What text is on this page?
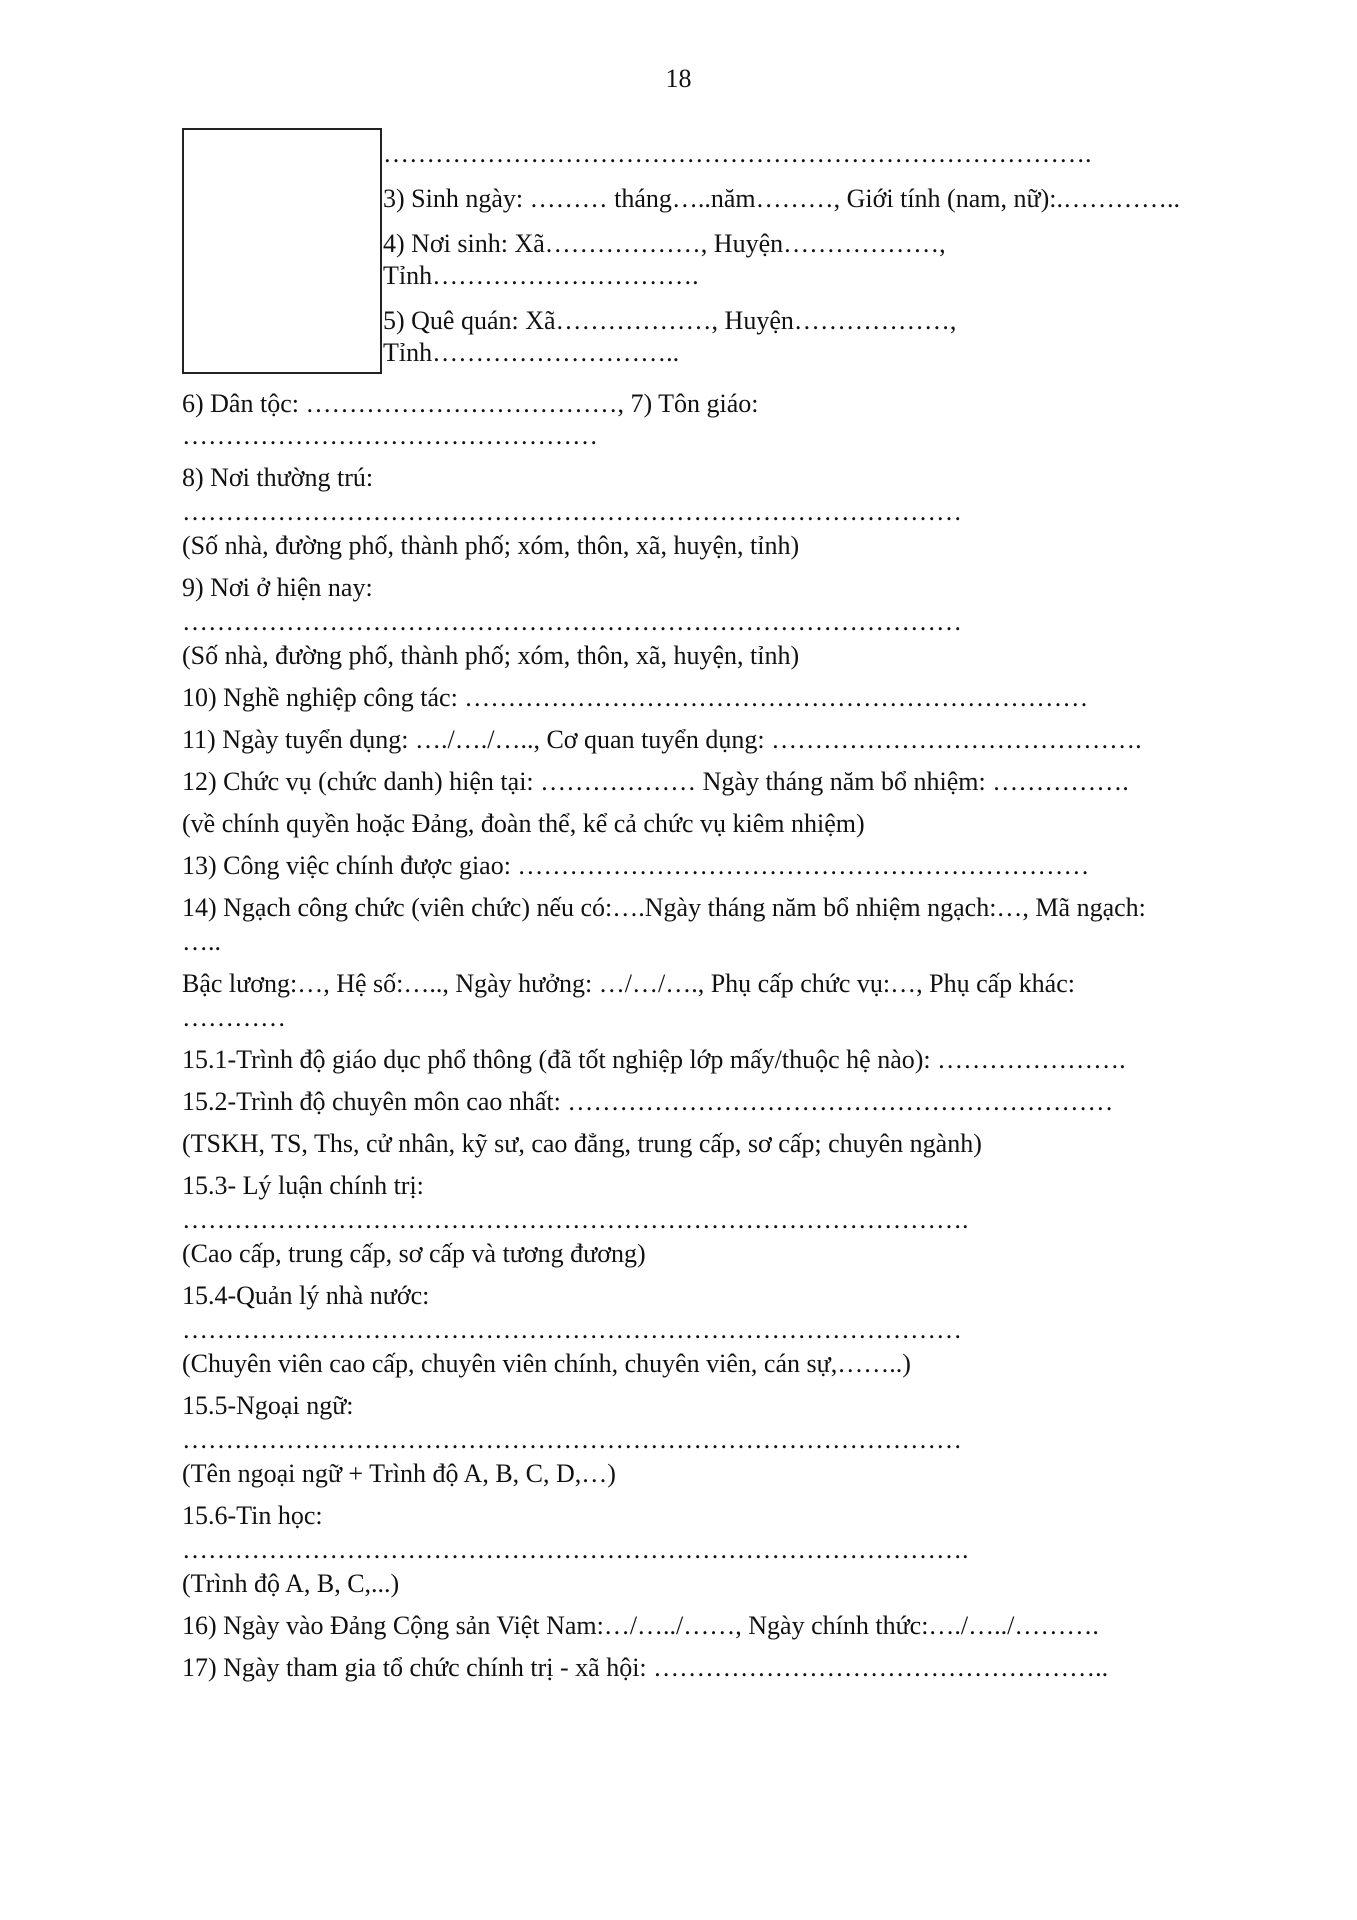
18
……………………………………………………………………….
3) Sinh ngày: ……… tháng…..năm………, Giới tính (nam, nữ):.…………..
4) Nơi sinh: Xã………………, Huyện………………,
Tỉnh………………………….
5) Quê quán: Xã………………, Huyện………………,
Tỉnh………………………..
6) Dân tộc: ………………………………, 7) Tôn giáo:
…………………………………………
8) Nơi thường trú:
………………………………………………………………………………
(Số nhà, đường phố, thành phố; xóm, thôn, xã, huyện, tỉnh)
9) Nơi ở hiện nay:
………………………………………………………………………………
(Số nhà, đường phố, thành phố; xóm, thôn, xã, huyện, tỉnh)
10) Nghề nghiệp công tác: ………………………………………………………………
11) Ngày tuyển dụng: …./…./….., Cơ quan tuyển dụng: …………………………………….
12) Chức vụ (chức danh) hiện tại: ……………… Ngày tháng năm bổ nhiệm: …………….
(về chính quyền hoặc Đảng, đoàn thể, kể cả chức vụ kiêm nhiệm)
13) Công việc chính được giao: …………………………………………………………
14) Ngạch công chức (viên chức) nếu có:….Ngày tháng năm bổ nhiệm ngạch:…, Mã ngạch:
…..
Bậc lương:…, Hệ số:….., Ngày hưởng: …/…/…., Phụ cấp chức vụ:…, Phụ cấp khác:
…………
15.1-Trình độ giáo dục phổ thông (đã tốt nghiệp lớp mấy/thuộc hệ nào): ………………….
15.2-Trình độ chuyên môn cao nhất: ………………………………………………………
(TSKH, TS, Ths, cử nhân, kỹ sư, cao đẳng, trung cấp, sơ cấp; chuyên ngành)
15.3- Lý luận chính trị:
……………………………………………………………………………….
(Cao cấp, trung cấp, sơ cấp và tương đương)
15.4-Quản lý nhà nước:
………………………………………………………………………………
(Chuyên viên cao cấp, chuyên viên chính, chuyên viên, cán sự,……..)
15.5-Ngoại ngữ:
………………………………………………………………………………
(Tên ngoại ngữ + Trình độ A, B, C, D,…)
15.6-Tin học:
……………………………………………………………………………….
(Trình độ A, B, C,...)
16) Ngày vào Đảng Cộng sản Việt Nam:…/…../……, Ngày chính thức:…./…../……….
17) Ngày tham gia tổ chức chính trị - xã hội: ……………………………………………..
